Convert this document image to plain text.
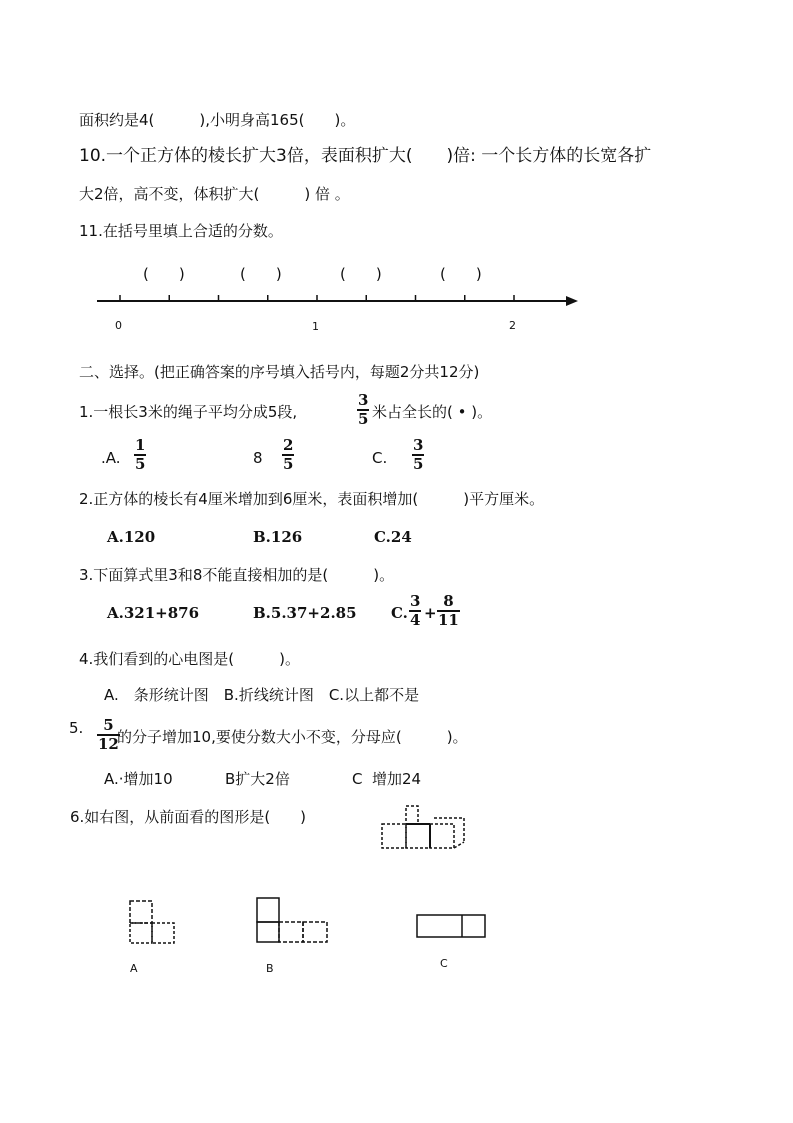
面积约是4(　　　),小明身高165(　　)。
10.一个正方体的棱长扩大3倍，表面积扩大(　　)倍: 一个长方体的长宽各扩
大2倍，高不变，体积扩大(　　　) 倍 。
11.在括号里填上合适的分数。
(　　)	(　　)	(　　)	(　　)
0	1	2
二、选择。(把正确答案的序号填入括号内，每题2分共12分)
1.一根长3米的绳子平均分成5段,
3
5 米占全长的( • )。
.A.
1
5	8
2
5	C.
3
5
2.正方体的棱长有4厘米增加到6厘米，表面积增加(　　　)平方厘米。
A.120	B.126	C.24
3.下面算式里3和8不能直接相加的是(　　　)。
A.321+876	B.5.37+2.85 C.
3
4 +
8
11
4.我们看到的心电图是(　　　)。
A.　条形统计图　B.折线统计图　C.以上都不是
5. 5
12
的分子增加10,要使分数大小不变，分母应(　　　)。
A.·增加10	B扩大2倍	C  增加24
6.如右图，从前面看的图形是(　　)
A	B	C
